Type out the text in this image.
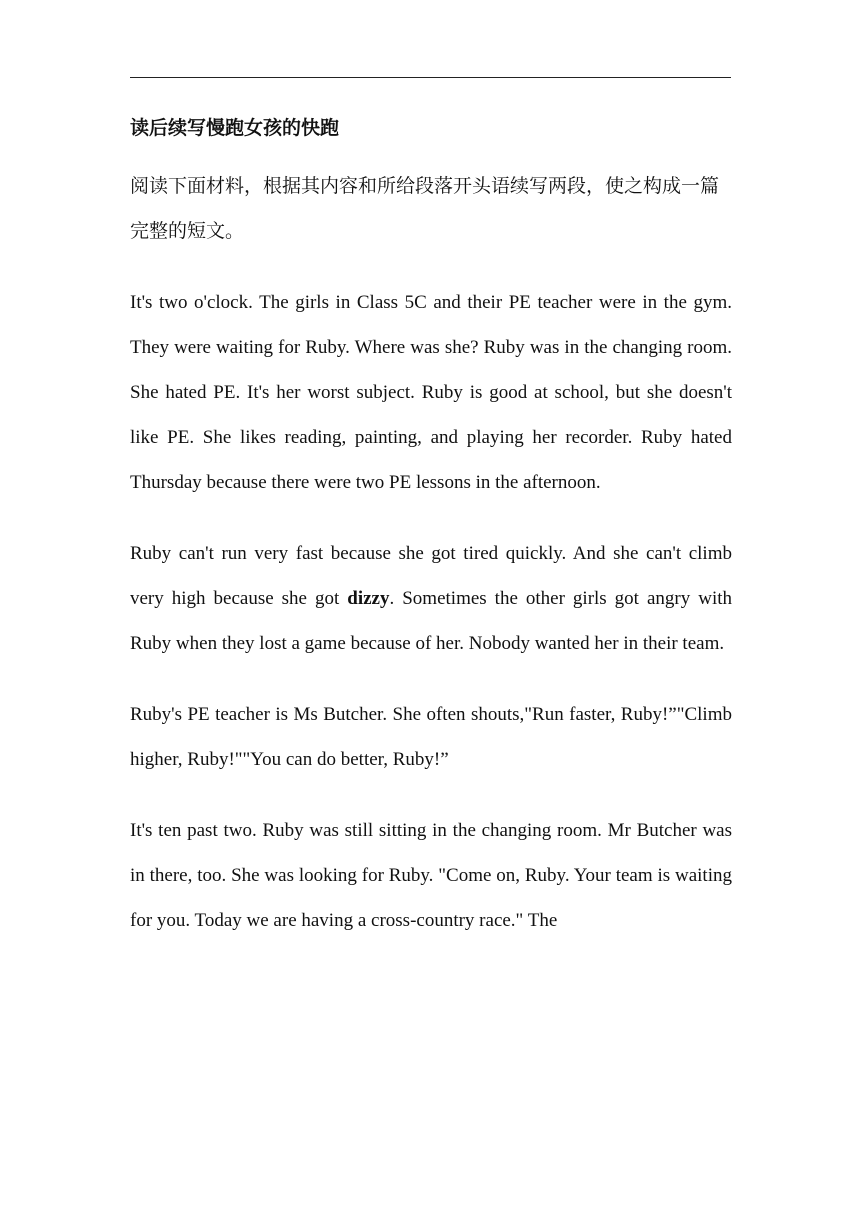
读后续写慢跑女孩的快跑

阅读下面材料，根据其内容和所给段落开头语续写两段，使之构成一篇完整的短文。

It's two o'clock. The girls in Class 5C and their PE teacher were in the gym. They were waiting for Ruby. Where was she? Ruby was in the changing room. She hated PE. It's her worst subject. Ruby is good at school, but she doesn't like PE. She likes reading, painting, and playing her recorder. Ruby hated Thursday because there were two PE lessons in the afternoon.

Ruby can't run very fast because she got tired quickly. And she can't climb very high because she got dizzy. Sometimes the other girls got angry with Ruby when they lost a game because of her. Nobody wanted her in their team.

Ruby's PE teacher is Ms Butcher. She often shouts,"Run faster, Ruby!”"Climb higher, Ruby!""You can do better, Ruby!”

It's ten past two. Ruby was still sitting in the changing room. Mr Butcher was in there, too. She was looking for Ruby. "Come on, Ruby. Your team is waiting for you. Today we are having a cross-country race." The
